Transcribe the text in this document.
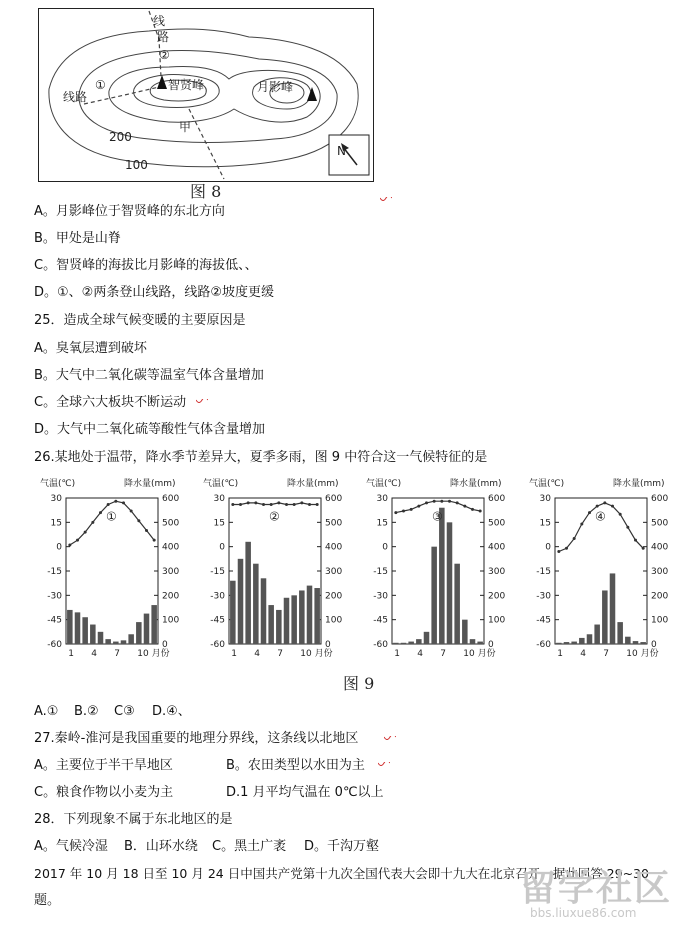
线
路
②
线路
①	智贤峰	月影峰
200
100
甲
N
图 8
A。月影峰位于智贤峰的东北方向
B。甲处是山脊
C。智贤峰的海拔比月影峰的海拔低、、
D。①、②两条登山线路，线路②坡度更缓
25．造成全球气候变暖的主要原因是
A。臭氧层遭到破坏
B。大气中二氧化碳等温室气体含量增加
C。全球六大板块不断运动
D。大气中二氧化硫等酸性气体含量增加
26.某地处于温带，降水季节差异大，夏季多雨，图 9 中符合这一气候特征的是
气温(℃)	降水量(mm)
30
15
0
-15
-30
-45
-60
600
500
400
300
200
100
0
①
1 4 7 10 月份
气温(℃)	降水量(mm)
30
15
0
-15
-30
-45
-60
600
500
400
300
200
100
0
②
1 4 7 10 月份
气温(℃)	降水量(mm)
30
15
0
-15
-30
-45
-60
600
500
400
300
200
100
0
③
1 4 7 10 月份
气温(℃)	降水量(mm)
30
15
0
-15
-30
-45
-60
600
500
400
300
200
100
0
④
1 4 7 10 月份
图 9
A.① B.② C③ D.④、
27.秦岭-淮河是我国重要的地理分界线，这条线以北地区
A。主要位于半干旱地区	B。农田类型以水田为主
C。粮食作物以小麦为主	D.1 月平均气温在 0℃以上
28．下列现象不属于东北地区的是
A。气候冷湿 B．山环水绕 C。黑土广袤 D。千沟万壑
2017 年 10 月 18 日至 10 月 24 日中国共产党第十九次全国代表大会即十九大在北京召开，据此回答 29~30
题。	留学社区
bbs.liuxue86.com
